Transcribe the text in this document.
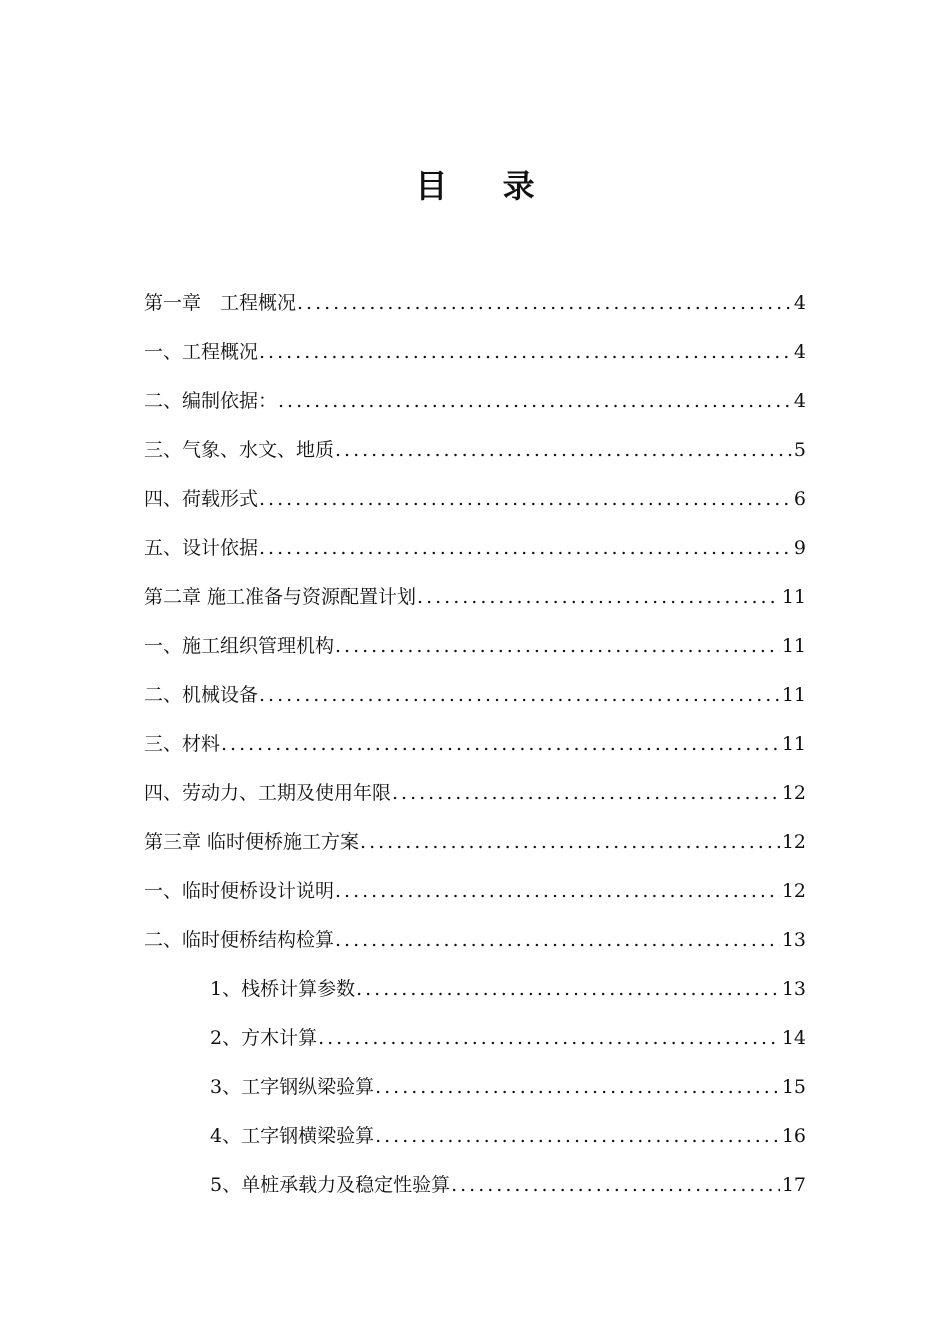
目 录
第一章　工程概况 .....	4
一、工程概况 .....	4
二、编制依据： .....	4
三、气象、水文、地质 .....	5
四、荷载形式 .....	6
五、设计依据 .....	9
第二章 施工准备与资源配置计划 .....	11
一、施工组织管理机构 .....	11
二、机械设备 .....	11
三、材料 .....	11
四、劳动力、工期及使用年限 .....	12
第三章 临时便桥施工方案 .....	12
一、临时便桥设计说明 .....	12
二、临时便桥结构检算 .....	13
1、栈桥计算参数 .....	13
2、方木计算 .....	14
3、工字钢纵梁验算 .....	15
4、工字钢横梁验算 .....	16
5、单桩承载力及稳定性验算 .....	17
